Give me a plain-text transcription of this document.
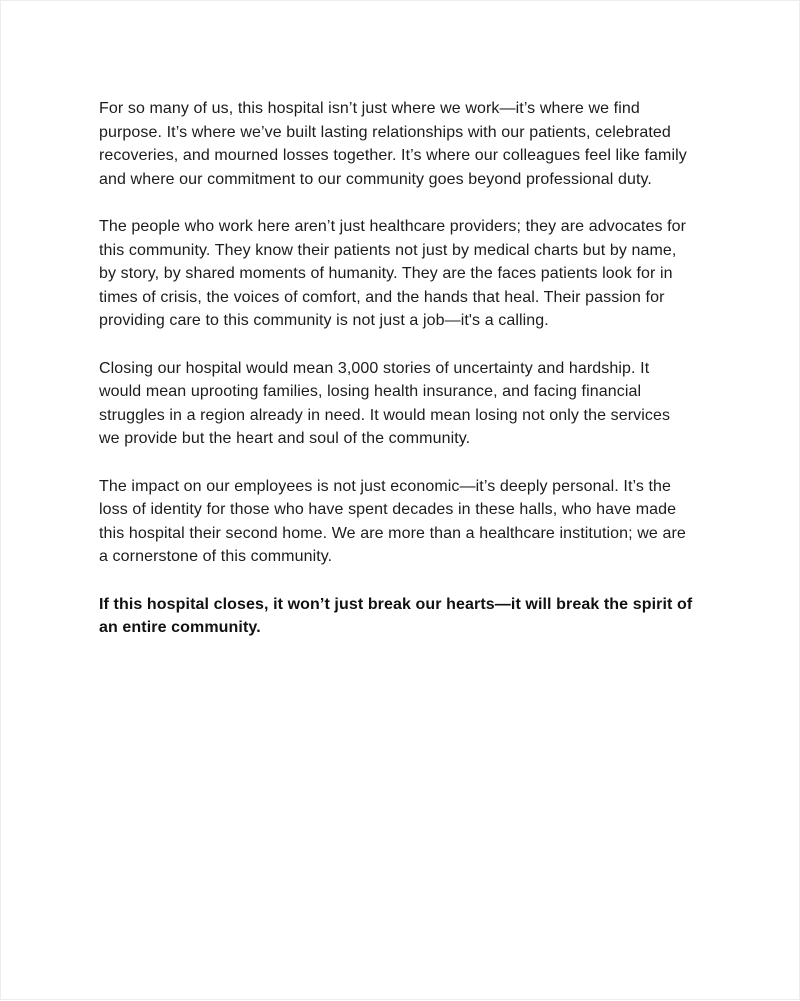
For so many of us, this hospital isn’t just where we work—it’s where we find purpose. It’s where we’ve built lasting relationships with our patients, celebrated recoveries, and mourned losses together. It’s where our colleagues feel like family and where our commitment to our community goes beyond professional duty.

The people who work here aren’t just healthcare providers; they are advocates for this community. They know their patients not just by medical charts but by name, by story, by shared moments of humanity. They are the faces patients look for in times of crisis, the voices of comfort, and the hands that heal. Their passion for providing care to this community is not just a job—it's a calling.

Closing our hospital would mean 3,000 stories of uncertainty and hardship. It would mean uprooting families, losing health insurance, and facing financial struggles in a region already in need. It would mean losing not only the services we provide but the heart and soul of the community.

The impact on our employees is not just economic—it’s deeply personal. It’s the loss of identity for those who have spent decades in these halls, who have made this hospital their second home. We are more than a healthcare institution; we are a cornerstone of this community.

If this hospital closes, it won’t just break our hearts—it will break the spirit of an entire community.
